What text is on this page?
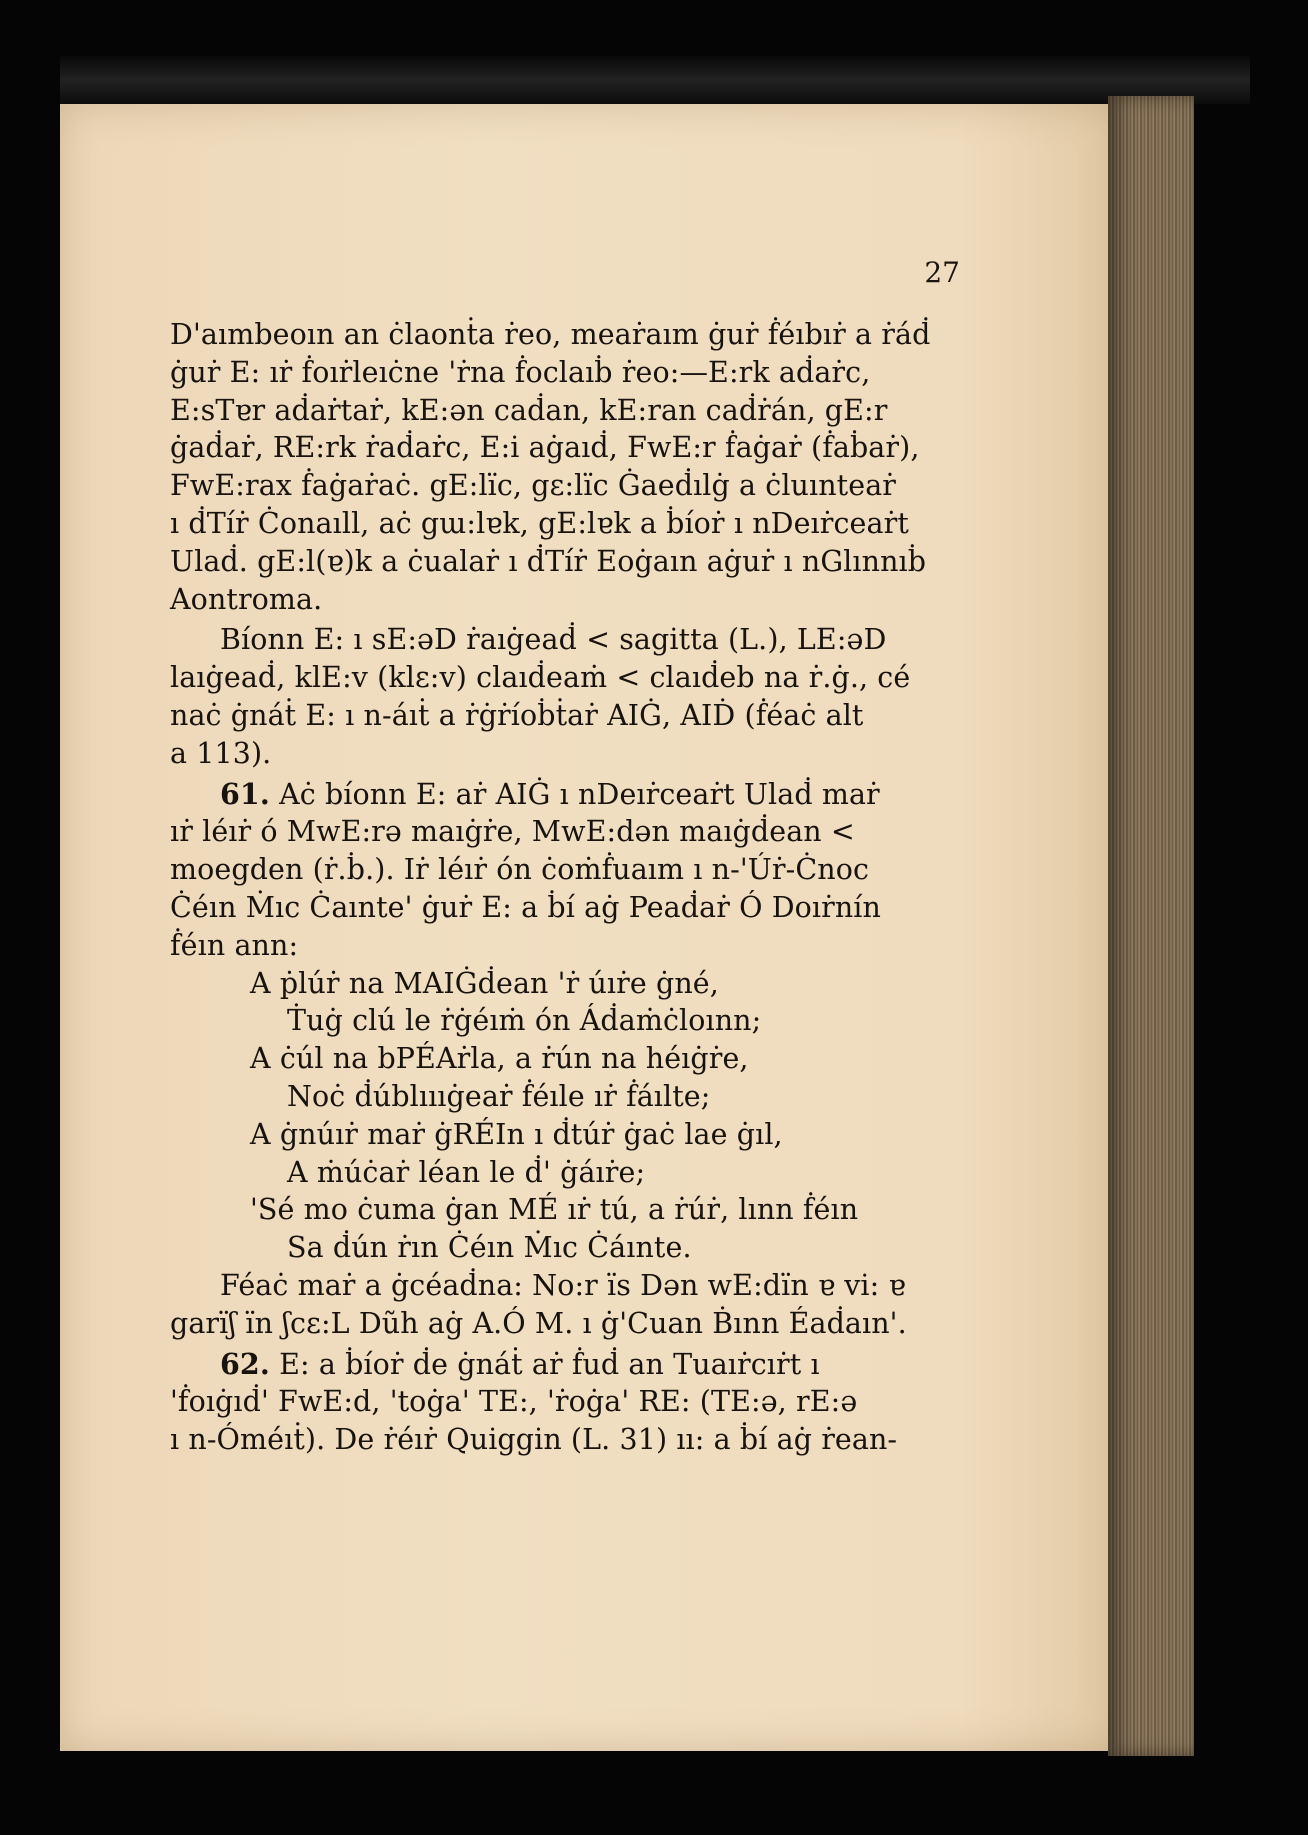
27

D'aımbeoın an ċlaonṫa ṙeo, meaṙaım ġuṙ ḟéıbıṙ a ṙáḋ
ġuṙ E: ıṙ ḟoıṙleıċne 'ṙna ḟoclaıḃ ṙeo:—E:rk aḋaṙc,
E:sTɐr aḋaṙtaṙ, kE:ən caḋan, kE:ran caḋṙán, gE:r
ġaḋaṙ, RE:rk ṙaḋaṙc, E:i aġaıḋ, FwE:r ḟaġaṙ (ḟaḃaṙ),
FwE:rax ḟaġaṙaċ. gE:lïc, gɛ:lïc Ġaeḋılġ a ċluınteaṙ
ı ḋTíṙ Ċonaıll, aċ gɯ:lɐk, gE:lɐk a ḃíoṙ ı nDeıṙceaṙt
Ulaḋ. gE:l(ɐ)k a ċualaṙ ı ḋTíṙ Eoġaın aġuṙ ı nGlınnıḃ
Aontroma.

Bíonn E: ı sE:əD ṙaıġeaḋ < sagitta (L.), LE:əD
laıġeaḋ, klE:v (klɛ:v) claıḋeaṁ < claıḋeb na ṙ.ġ., cé
naċ ġnáṫ E: ı n-áıṫ a ṙġṙíoḃṫaṙ AIĠ, AIḊ (ḟéaċ alt
a 113).

61. Aċ bíonn E: aṙ AIĠ ı nDeıṙceaṙt Ulaḋ maṙ
ıṙ léıṙ ó MwE:rə maıġṙe, MwE:dən maıġḋean <
moegden (ṙ.ḃ.). Iṙ léıṙ ón ċoṁḟuaım ı n-'Úṙ-Ċnoc
Ċéın Ṁıc Ċaınte' ġuṙ E: a ḃí aġ Peaḋaṙ Ó Doıṙnín
ḟéın ann:

A ṗlúṙ na MAIĠḋean 'ṙ úıṙe ġné,
Ṫuġ clú le ṙġéıṁ ón Áḋaṁċloınn;
A ċúl na bPÉAṙla, a ṙún na héıġṙe,
Noċ ḋúblıııġeaṙ ḟéıle ıṙ ḟáılte;
A ġnúıṙ maṙ ġRÉIn ı ḋtúṙ ġaċ lae ġıl,
A ṁúċaṙ léan le ḋ' ġáıṙe;
'Sé mo ċuma ġan MÉ ıṙ tú, a ṙúṙ, lınn ḟéın
Sa ḋún ṙın Ċéın Ṁıc Ċáınte.

Féaċ maṙ a ġcéaḋna: No:r ïs Dən wE:dïn ɐ vi: ɐ
garïʃ ïn ʃcɛ:L Dũh aġ A.Ó M. ı ġ'Cuan Ḃınn Éaḋaın'.

62. E: a ḃíoṙ ḋe ġnáṫ aṙ ḟuḋ an Tuaıṙcıṙt ı
'ḟoıġıḋ' FwE:d, 'toġa' TE:, 'ṙoġa' RE: (TE:ə, rE:ə
ı n-Óméıṫ). De ṙéıṙ Quiggin (L. 31) ıı: a ḃí aġ ṙean-
